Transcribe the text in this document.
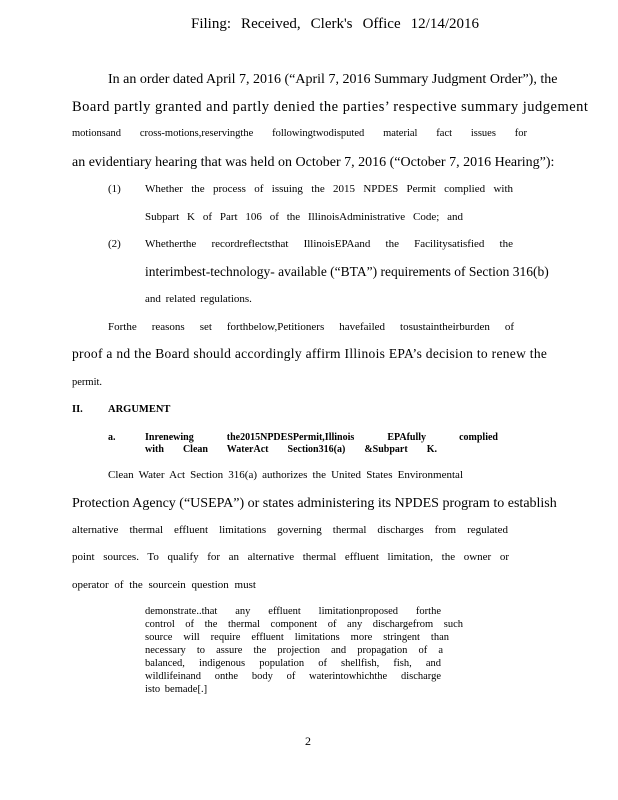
Filing: Received, Clerk's Office 12/14/2016
In an order dated April 7, 2016 (“April 7, 2016 Summary Judgment Order”), the
Board partly granted and partly denied the parties’ respective summary judgement
motionsand cross-motions,reservingthe followingtwodisputed material fact issues for
an evidentiary hearing that was held on October 7, 2016 (“October 7, 2016 Hearing”):
(1) Whether the process of issuing the 2015 NPDES Permit complied with
Subpart K of Part 106 of the IllinoisAdministrative Code; and
(2) Whetherthe recordreflectsthat IllinoisEPAand the Facilitysatisfied the
interimbest-technology- available (“BTA”) requirements of Section 316(b)
and related regulations.
Forthe reasons set forthbelow,Petitioners havefailed tosustaintheirburden of
proof a nd the Board should accordingly affirm Illinois EPA’s decision to renew the
permit.
II. ARGUMENT
a.	Inrenewing the2015NPDESPermit,Illinois EPAfully complied
with Clean WaterAct Section316(a) &Subpart K.
Clean Water Act Section 316(a) authorizes the United States Environmental
Protection Agency (“USEPA”) or states administering its NPDES program to establish
alternative thermal effluent limitations governing thermal discharges from regulated
point sources. To qualify for an alternative thermal effluent limitation, the owner or
operator of the sourcein question must
demonstrate..that any effluent limitationproposed forthe
control of the thermal component of any dischargefrom such
source will require effluent limitations more stringent than
necessary to assure the projection and propagation of a
balanced, indigenous population of shellfish, fish, and
wildlifeinand onthe body of waterintowhichthe discharge
isto bemade[.]
2
